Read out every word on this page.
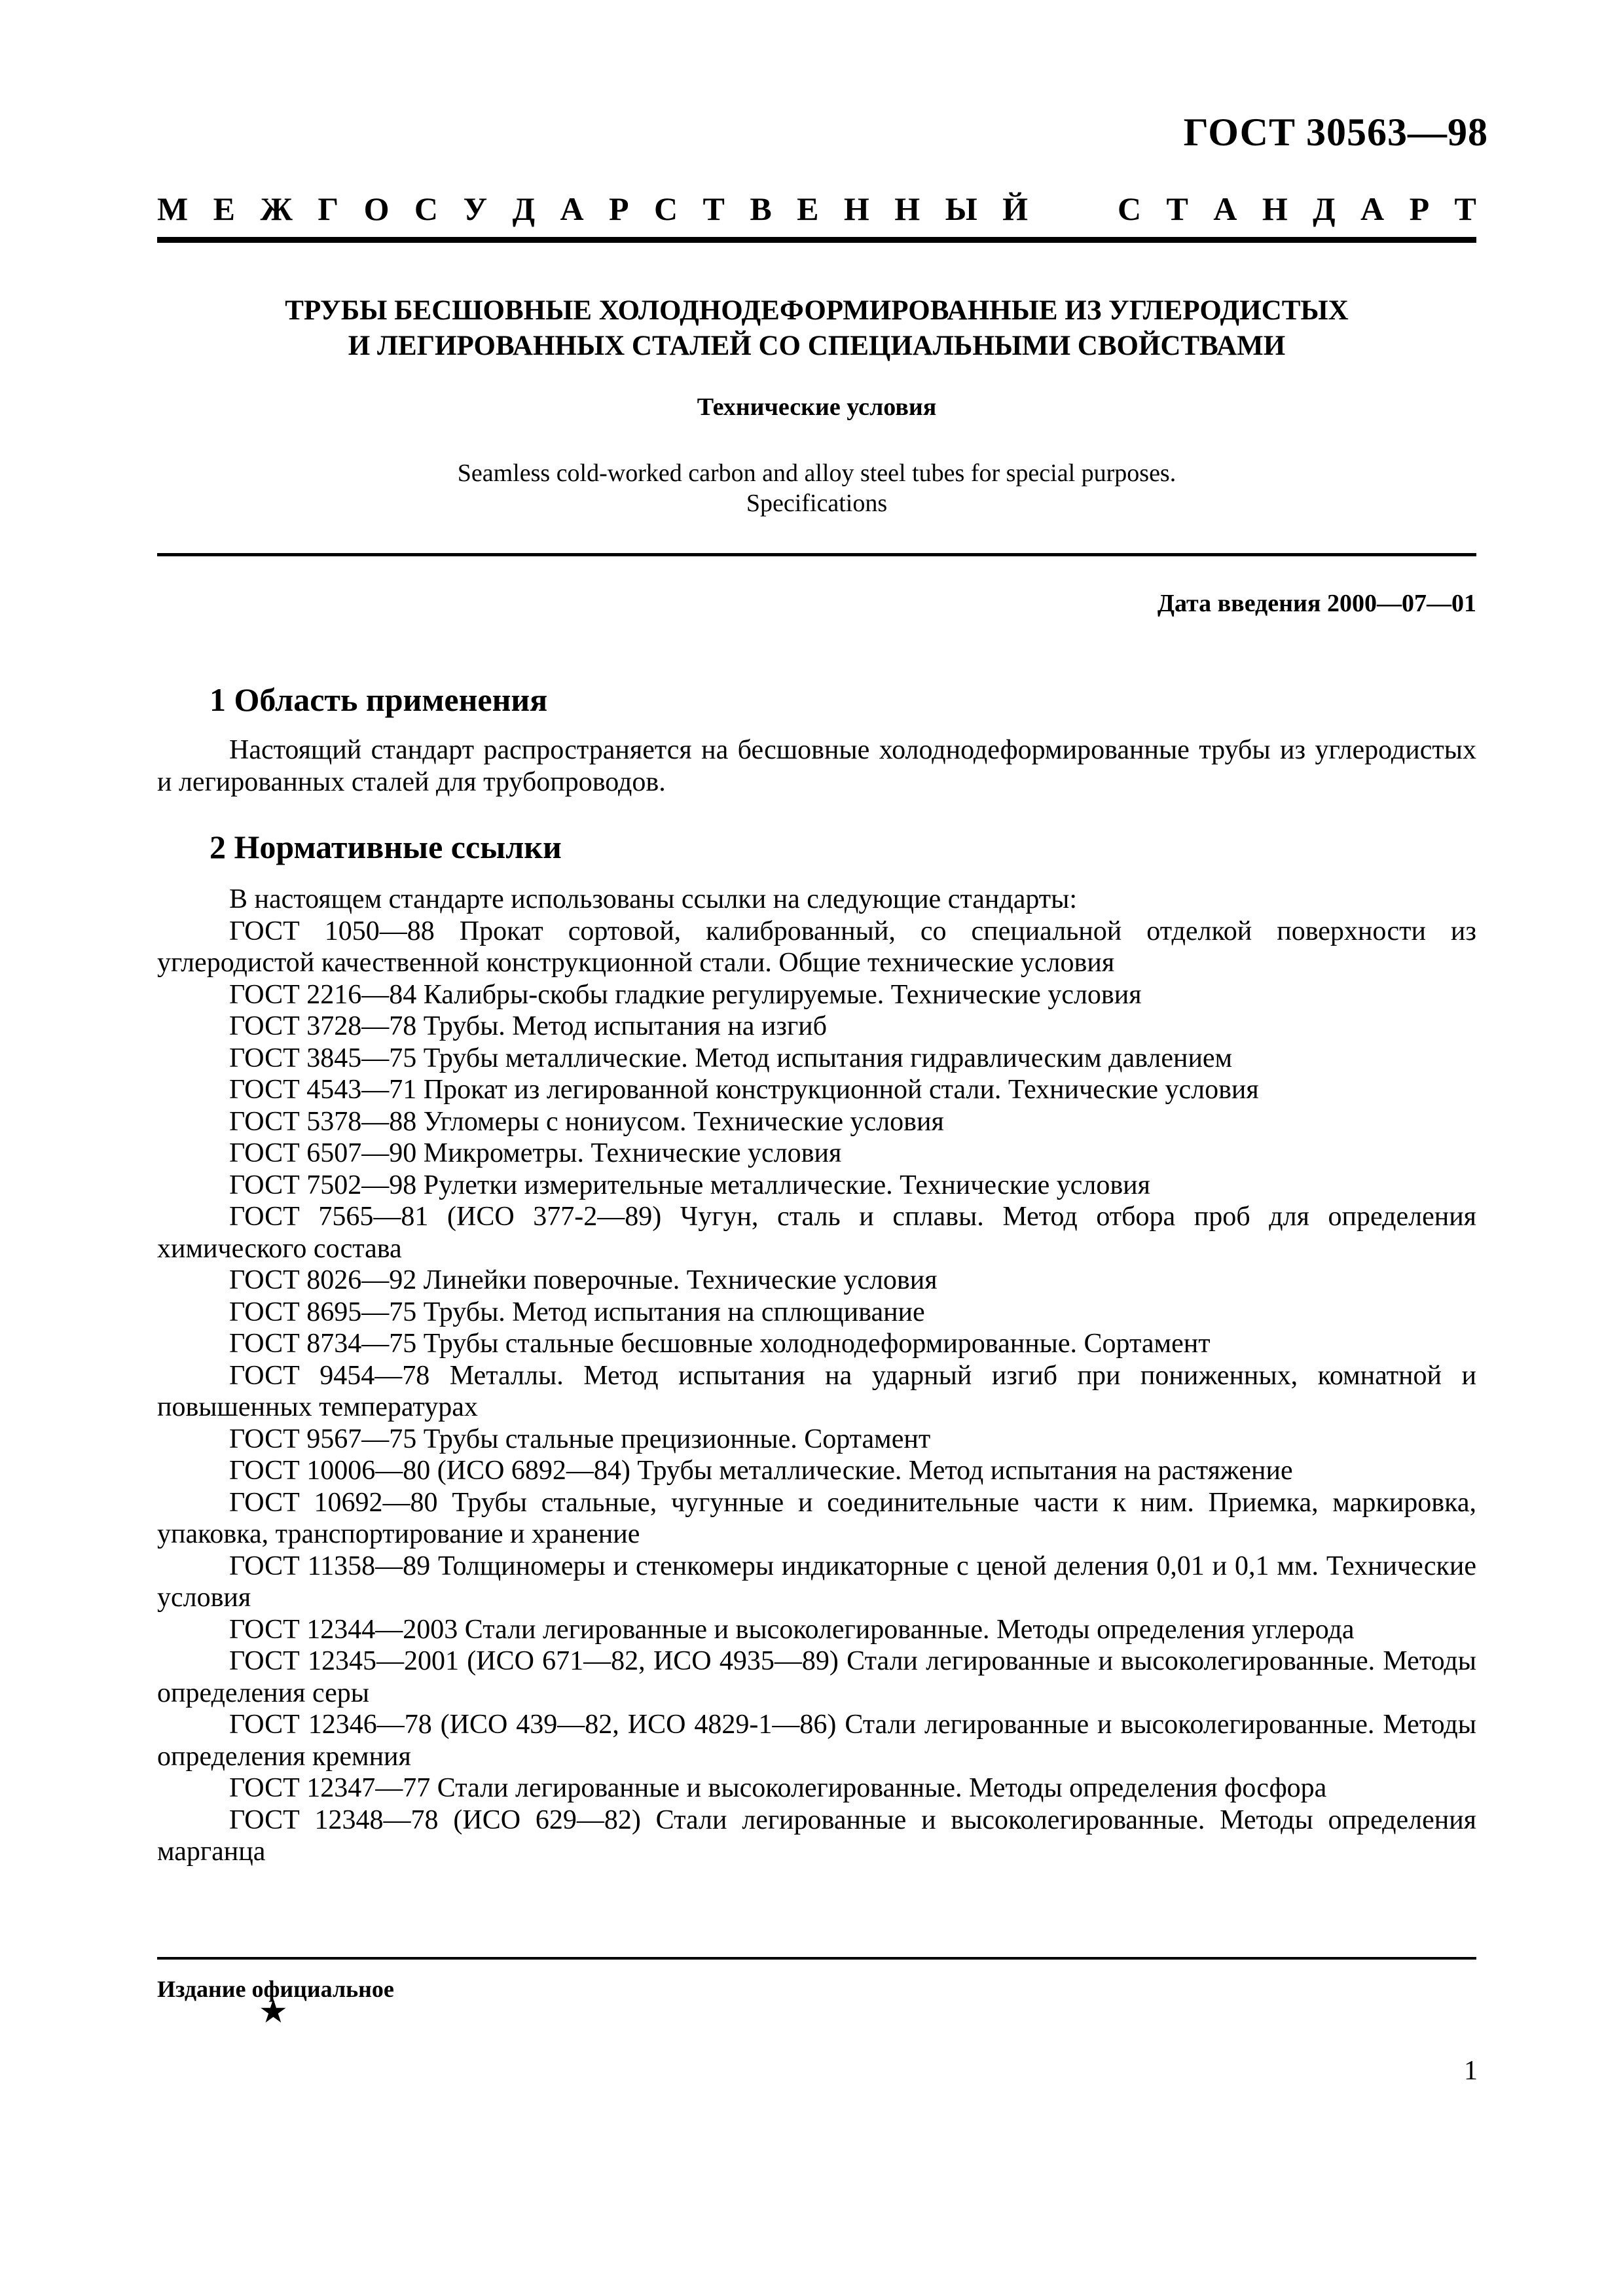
ГОСТ 30563—98
М Е Ж Г О С У Д А Р С Т В Е Н Н Ы Й	С Т А Н Д А Р Т
ТРУБЫ БЕСШОВНЫЕ ХОЛОДНОДЕФОРМИРОВАННЫЕ ИЗ УГЛЕРОДИСТЫХ
И ЛЕГИРОВАННЫХ СТАЛЕЙ СО СПЕЦИАЛЬНЫМИ СВОЙСТВАМИ
Технические условия
Seamless cold-worked carbon and alloy steel tubes for special purposes.
Specifications
Дата введения 2000—07—01
1 Область применения

Настоящий стандарт распространяется на бесшовные холоднодеформированные трубы из углеродистых и легированных сталей для трубопроводов.

2 Нормативные ссылки

В настоящем стандарте использованы ссылки на следующие стандарты:

ГОСТ 1050—88 Прокат сортовой, калиброванный, со специальной отделкой поверхности из углеродистой качественной конструкционной стали. Общие технические условия

ГОСТ 2216—84 Калибры-скобы гладкие регулируемые. Технические условия

ГОСТ 3728—78 Трубы. Метод испытания на изгиб

ГОСТ 3845—75 Трубы металлические. Метод испытания гидравлическим давлением

ГОСТ 4543—71 Прокат из легированной конструкционной стали. Технические условия

ГОСТ 5378—88 Угломеры с нониусом. Технические условия

ГОСТ 6507—90 Микрометры. Технические условия

ГОСТ 7502—98 Рулетки измерительные металлические. Технические условия

ГОСТ 7565—81 (ИСО 377-2—89) Чугун, сталь и сплавы. Метод отбора проб для определения химического состава

ГОСТ 8026—92 Линейки поверочные. Технические условия

ГОСТ 8695—75 Трубы. Метод испытания на сплющивание

ГОСТ 8734—75 Трубы стальные бесшовные холоднодеформированные. Сортамент

ГОСТ 9454—78 Металлы. Метод испытания на ударный изгиб при пониженных, комнатной и повышенных температурах

ГОСТ 9567—75 Трубы стальные прецизионные. Сортамент

ГОСТ 10006—80 (ИСО 6892—84) Трубы металлические. Метод испытания на растяжение

ГОСТ 10692—80 Трубы стальные, чугунные и соединительные части к ним. Приемка, маркировка, упаковка, транспортирование и хранение

ГОСТ 11358—89 Толщиномеры и стенкомеры индикаторные с ценой деления 0,01 и 0,1 мм. Технические условия

ГОСТ 12344—2003 Стали легированные и высоколегированные. Методы определения углерода

ГОСТ 12345—2001 (ИСО 671—82, ИСО 4935—89) Стали легированные и высоколегированные. Методы определения серы

ГОСТ 12346—78 (ИСО 439—82, ИСО 4829-1—86) Стали легированные и высоколегированные. Методы определения кремния

ГОСТ 12347—77 Стали легированные и высоколегированные. Методы определения фосфора

ГОСТ 12348—78 (ИСО 629—82) Стали легированные и высоколегированные. Методы определения марганца

Издание официальное
★
1
